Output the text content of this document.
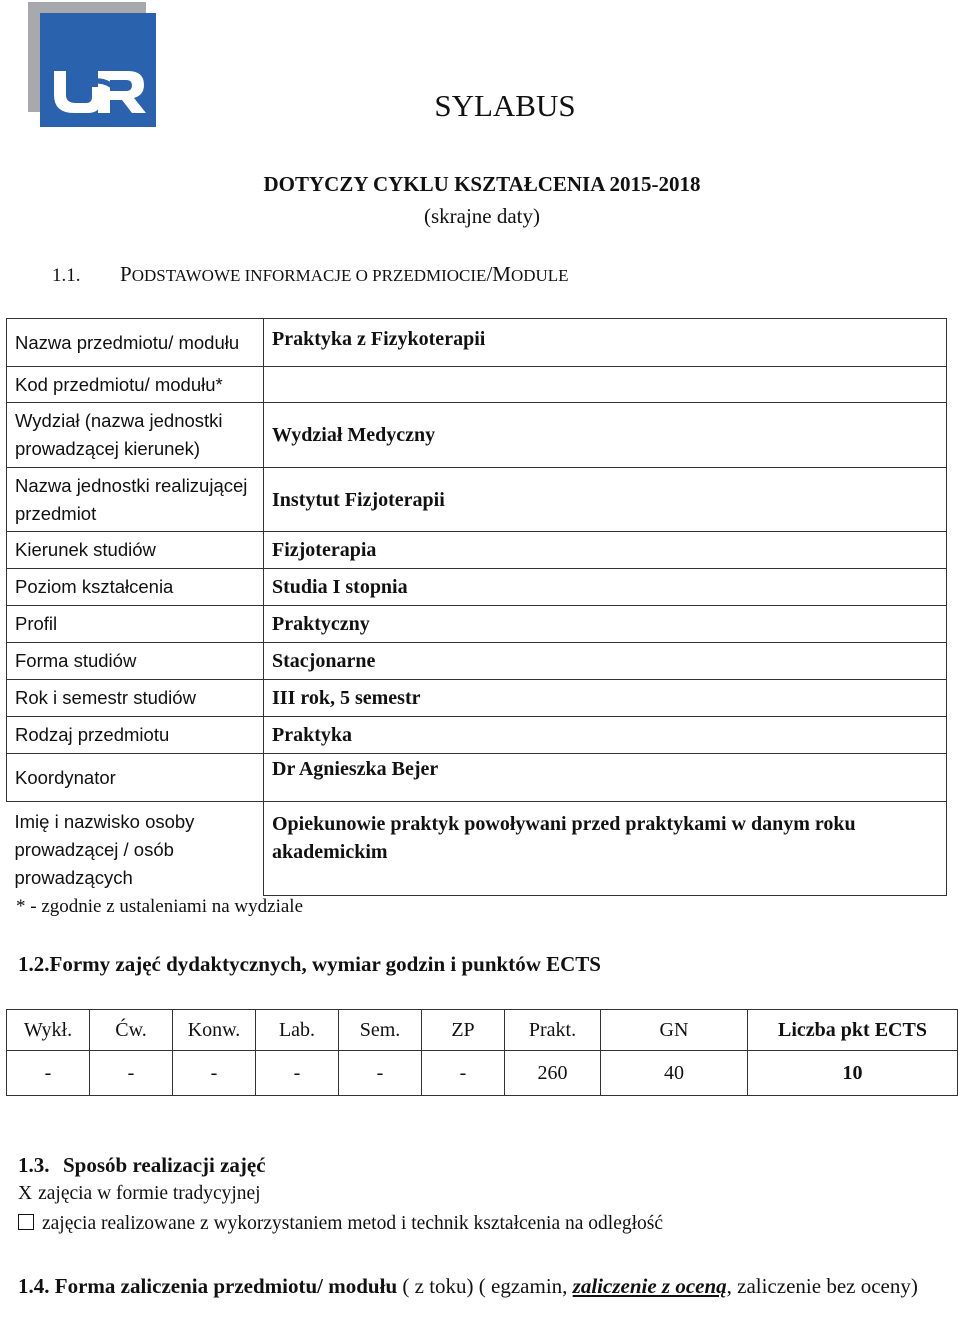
SYLABUS
DOTYCZY CYKLU KSZTAŁCENIA 2015-2018
(skrajne daty)
1.1. PODSTAWOWE INFORMACJE O PRZEDMIOCIE/MODULE
Nazwa przedmiotu/ modułu	Praktyka z Fizykoterapii
Kod przedmiotu/ modułu*	
Wydział (nazwa jednostki prowadzącej kierunek)	Wydział Medyczny
Nazwa jednostki realizującej przedmiot	Instytut Fizjoterapii
Kierunek studiów	Fizjoterapia
Poziom kształcenia	Studia I stopnia
Profil	Praktyczny
Forma studiów	Stacjonarne
Rok i semestr studiów	III rok, 5 semestr
Rodzaj przedmiotu	Praktyka
Koordynator	Dr Agnieszka Bejer
Imię i nazwisko osoby prowadzącej / osób prowadzących	Opiekunowie praktyk powoływani przed praktykami w danym roku akademickim
* - zgodnie z ustaleniami na wydziale
1.2.Formy zajęć dydaktycznych, wymiar godzin i punktów ECTS
Wykł.	Ćw.	Konw.	Lab.	Sem.	ZP	Prakt.	GN	Liczba pkt ECTS
-	-	-	-	-	-	260	40	10
1.3. Sposób realizacji zajęć
X zajęcia w formie tradycyjnej
zajęcia realizowane z wykorzystaniem metod i technik kształcenia na odległość
1.4. Forma zaliczenia przedmiotu/ modułu ( z toku) ( egzamin, zaliczenie z oceną, zaliczenie bez oceny)
